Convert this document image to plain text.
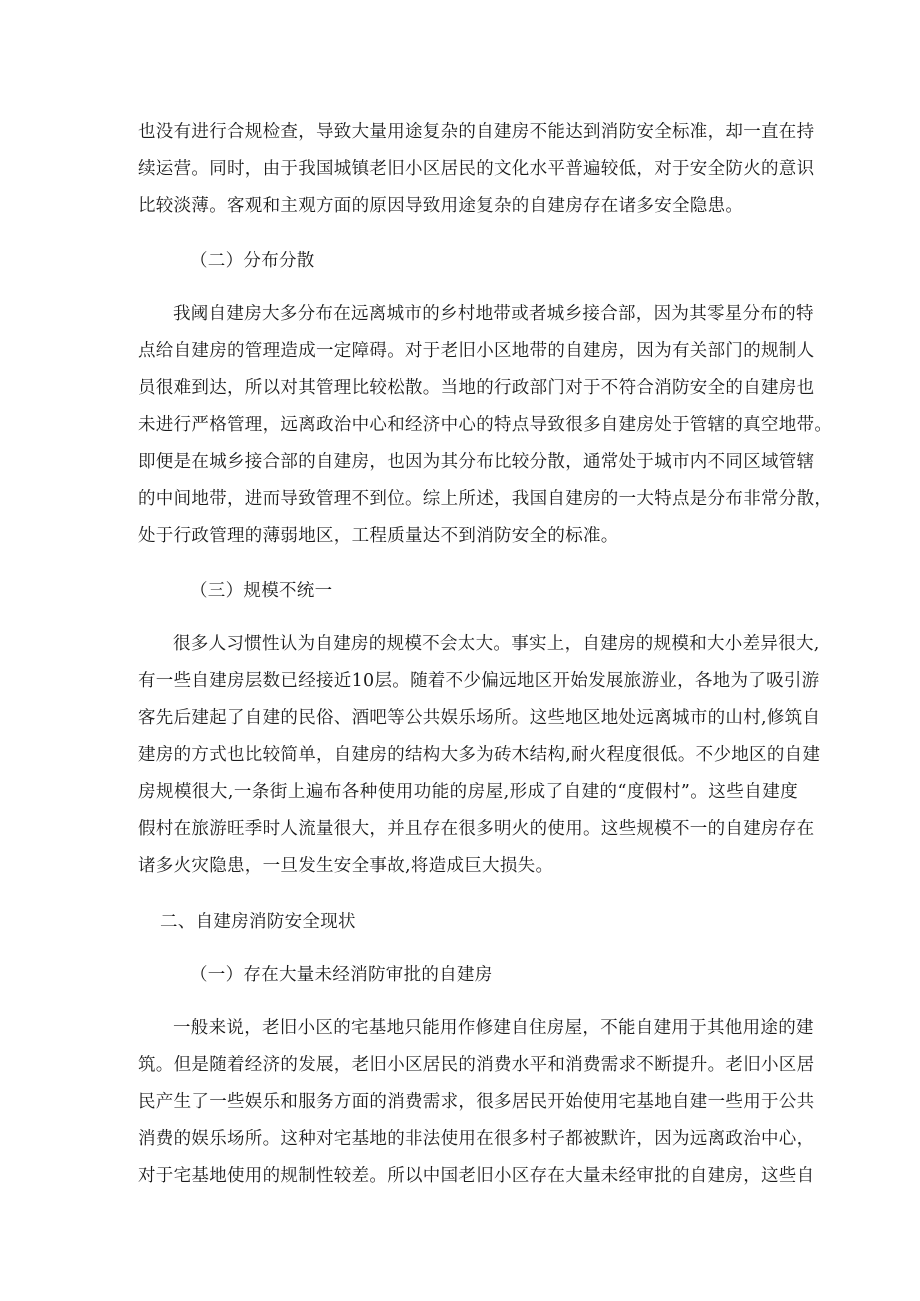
也没有进行合规检查，导致大量用途复杂的自建房不能达到消防安全标准，却一直在持
续运营。同时，由于我国城镇老旧小区居民的文化水平普遍较低，对于安全防火的意识
比较淡薄。客观和主观方面的原因导致用途复杂的自建房存在诸多安全隐患。
（二）分布分散
我阈自建房大多分布在远离城市的乡村地带或者城乡接合部，因为其零星分布的特
点给自建房的管理造成一定障碍。对于老旧小区地带的自建房，因为有关部门的规制人
员很难到达，所以对其管理比较松散。当地的行政部门对于不符合消防安全的自建房也
未进行严格管理，远离政治中心和经济中心的特点导致很多自建房处于管辖的真空地带。
即便是在城乡接合部的自建房，也因为其分布比较分散，通常处于城市内不同区域管辖
的中间地带，进而导致管理不到位。综上所述，我国自建房的一大特点是分布非常分散，
处于行政管理的薄弱地区，工程质量达不到消防安全的标准。
（三）规模不统一
很多人习惯性认为自建房的规模不会太大。事实上，自建房的规模和大小差异很大,
有一些自建房层数已经接近10层。随着不少偏远地区开始发展旅游业，各地为了吸引游
客先后建起了自建的民俗、酒吧等公共娱乐场所。这些地区地处远离城市的山村,修筑自
建房的方式也比较简单，自建房的结构大多为砖木结构,耐火程度很低。不少地区的自建
房规模很大,一条街上遍布各种使用功能的房屋,形成了自建的“度假村”。这些自建度
假村在旅游旺季时人流量很大，并且存在很多明火的使用。这些规模不一的自建房存在
诸多火灾隐患，一旦发生安全事故,将造成巨大损失。
二、自建房消防安全现状
（一）存在大量未经消防审批的自建房
一般来说，老旧小区的宅基地只能用作修建自住房屋，不能自建用于其他用途的建
筑。但是随着经济的发展，老旧小区居民的消费水平和消费需求不断提升。老旧小区居
民产生了一些娱乐和服务方面的消费需求，很多居民开始使用宅基地自建一些用于公共
消费的娱乐场所。这种对宅基地的非法使用在很多村子都被默许，因为远离政治中心，
对于宅基地使用的规制性较差。所以中国老旧小区存在大量未经审批的自建房，这些自
